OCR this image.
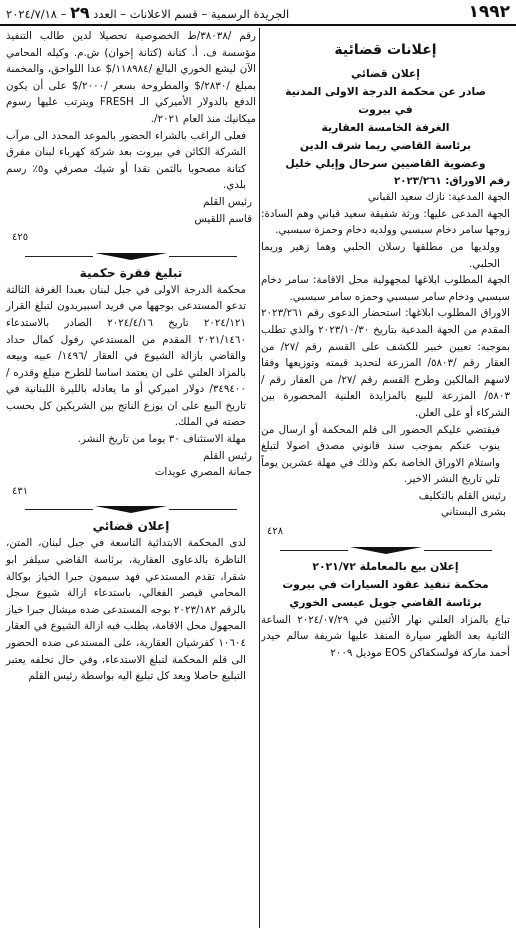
١٩٩٢
الجريدة الرسمية – قسم الاعلانات – العدد ٢٩ – ٢٠٢٤/٧/١٨
إعلانات قضائية
إعلان قضائي
صادر عن محكمة الدرجة الاولى المدنية
في بيروت
الغرفة الخامسة العقارية
برئاسة القاضي ريما شرف الدين
وعضوية القاضيين سرحال وإيلي خليل

رقم الاوراق: ٢٠٢٣/٢٦١

الجهة المدعية: نازك سعيد القباني

الجهة المدعى عليها: ورثة شفيقة سعيد قباني وهم السادة: زوجها سامر دخام سبسبي وولديه دخام وحمزة سبسبي.

وولديها من مطلقها رسلان الحلبي وهما زهير وريما الحلبي.

الجهة المطلوب ابلاغها لمجهولية محل الاقامة: سامر دخام سبسبي ودخام سامر سبسبي وحمزه سامر سبسبي.

الاوراق المطلوب ابلاغها: استحضار الدعوى رقم ٢٠٢٣/٢٦١ المقدم من الجهة المدعية بتاريخ ٢٠٢٣/١٠/٣٠ والذي تطلب بموجبه: تعيين خبير للكشف على القسم رقم /٢٧/ من العقار رقم /٥٨٠٣/ المزرعة لتحديد قيمته وتوزيعها وفقا لاسهم المالكين وطرح القسم رقم /٢٧/ من العقار رقم /٥٨٠٣/ المزرعة للبيع بالمزايدة العلنية المحصورة بين الشركاء أو على العلن.

فيقتضي عليكم الحضور الى قلم المحكمة أو ارسال من ينوب عنكم بموجب سند قانوني مصدق اصولا لتبلغ واستلام الاوراق الخاصة بكم وذلك في مهلة عشرين يوماً تلي تاريخ النشر الاخير.

رئيس القلم بالتكليف

بشرى البستاني

٤٢٨
إعلان بيع بالمعاملة ٢٠٢١/٧٢
محكمة تنفيذ عقود السيارات في بيروت
برئاسة القاضي جويل عيسى الخوري

تباع بالمزاد العلني نهار الأثنين في ٢٠٢٤/٠٧/٢٩ الساعة الثانية بعد الظهر سيارة المنفذ عليها شريفة سالم حيدر أحمد ماركة فولسكفاكن EOS موديل ٢٠٠٩

رقم /٣٨٠٣٨/ط الخصوصية تحصيلا لدين طالب التنفيذ مؤسسة ف. أ. كتانة (كتانة إخوان) ش.م. وكيله المحامي الآن ليشع الخوري البالغ /١١٨٩٨٤/$ عدا اللواحق، والمخمنة بمبلغ /٢٨٣٠/$ والمطروحة بسعر /٢٠٠٠/$ على أن يكون الدفع بالدولار الأميركي الـ FRESH ويترتب عليها رسوم ميكانيك منذ العام ٢٠٢١/.

فعلى الراغب بالشراء الحضور بالموعد المحدد الى مرآب الشركة الكائن في بيروت بعد شركة كهرباء لبنان مفرق كتانة مصحوبا بالثمن نقدا أو شيك مصرفي و٥٪ رسم بلدي.

رئيس القلم

قاسم اللقيس

٤٢٥
تبليغ فقرة حكمية

محكمة الدرجة الاولى في جبل لبنان بعبدا الغرفة الثالثة تدعو المستدعى بوجهها مي فريد اسبيريدون لتبلغ القرار ٢٠٢٤/١٢١ تاريخ ٢٠٢٤/٤/١٦ الصادر بالاستدعاء ٢٠٢١/١٤٦٠ المقدم من المستدعي رفول كمال حداد والقاضي بازالة الشيوع في العقار /١٤٩٦/ عبيه وبيعه بالمزاد العلني على ان يعتمد اساسا للطرح مبلغ وقدره /٣٤٩٤٠٠/ دولار اميركي أو ما يعادله بالليرة اللبنانية في تاريخ البيع على ان يوزع الناتج بين الشريكين كل بحسب حصته في الملك.

مهلة الاستئناف ٣٠ يوما من تاريخ النشر.

رئيس القلم

جمانة المصري عويدات

٤٣١
إعلان قضائي

لدى المحكمة الابتدائية التاسعة في جبل لبنان، المتن، الناظرة بالدعاوى العقارية، برئاسة القاضي سيلفر ابو شقرا، تقدم المستدعي فهد سيمون جبرا الخياز بوكالة المحامي قيصر الفغالي، باستدعاء ازالة شيوع سجل بالرقم ٢٠٢٣/١٨٢ بوجه المستدعى ضده ميشال جبرا خياز المجهول محل الاقامة، يطلب فيه ازالة الشيوع في العقار ١٠٦٠٤ كفرشيان العقارية، على المستدعى ضده الحضور الى قلم المحكمة لتبلغ الاستدعاء، وفي حال تخلفه يعتبر التبليغ حاصلا ويعد كل تبليغ اليه بواسطة رئيس القلم
